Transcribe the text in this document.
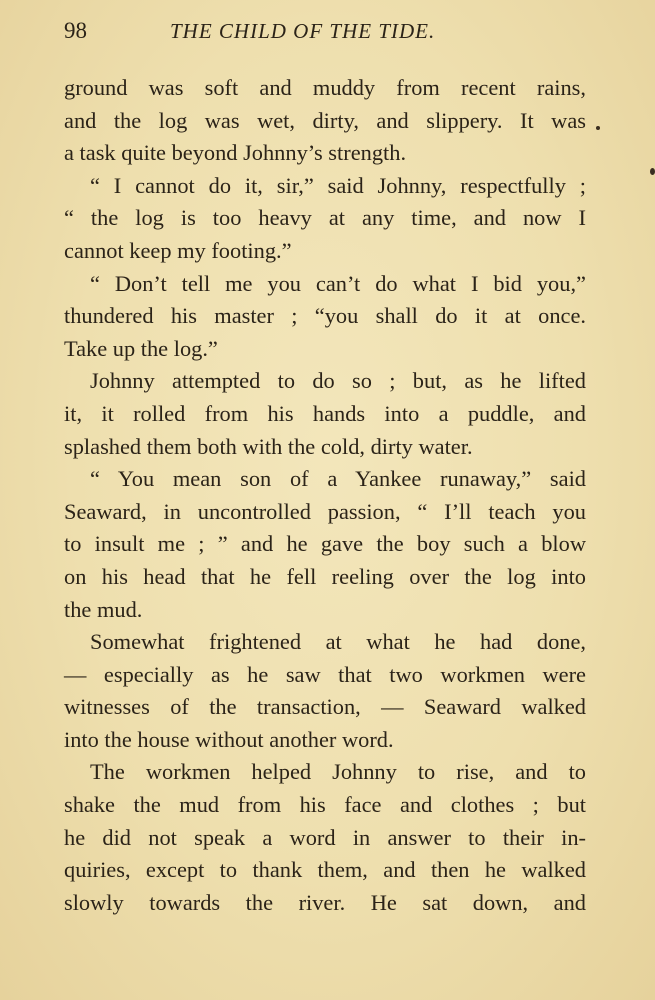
98	THE CHILD OF THE TIDE.
ground was soft and muddy from recent rains,
and the log was wet, dirty, and slippery. It was
a task quite beyond Johnny’s strength.
“ I cannot do it, sir,” said Johnny, respectfully ;
“ the log is too heavy at any time, and now I
cannot keep my footing.”
“ Don’t tell me you can’t do what I bid you,”
thundered his master ; “you shall do it at once.
Take up the log.”
Johnny attempted to do so ; but, as he lifted
it, it rolled from his hands into a puddle, and
splashed them both with the cold, dirty water.
“ You mean son of a Yankee runaway,” said
Seaward, in uncontrolled passion, “ I’ll teach you
to insult me ; ” and he gave the boy such a blow
on his head that he fell reeling over the log into
the mud.
Somewhat frightened at what he had done,
— especially as he saw that two workmen were
witnesses of the transaction, — Seaward walked
into the house without another word.
The workmen helped Johnny to rise, and to
shake the mud from his face and clothes ; but
he did not speak a word in answer to their in-
quiries, except to thank them, and then he walked
slowly towards the river. He sat down, and
